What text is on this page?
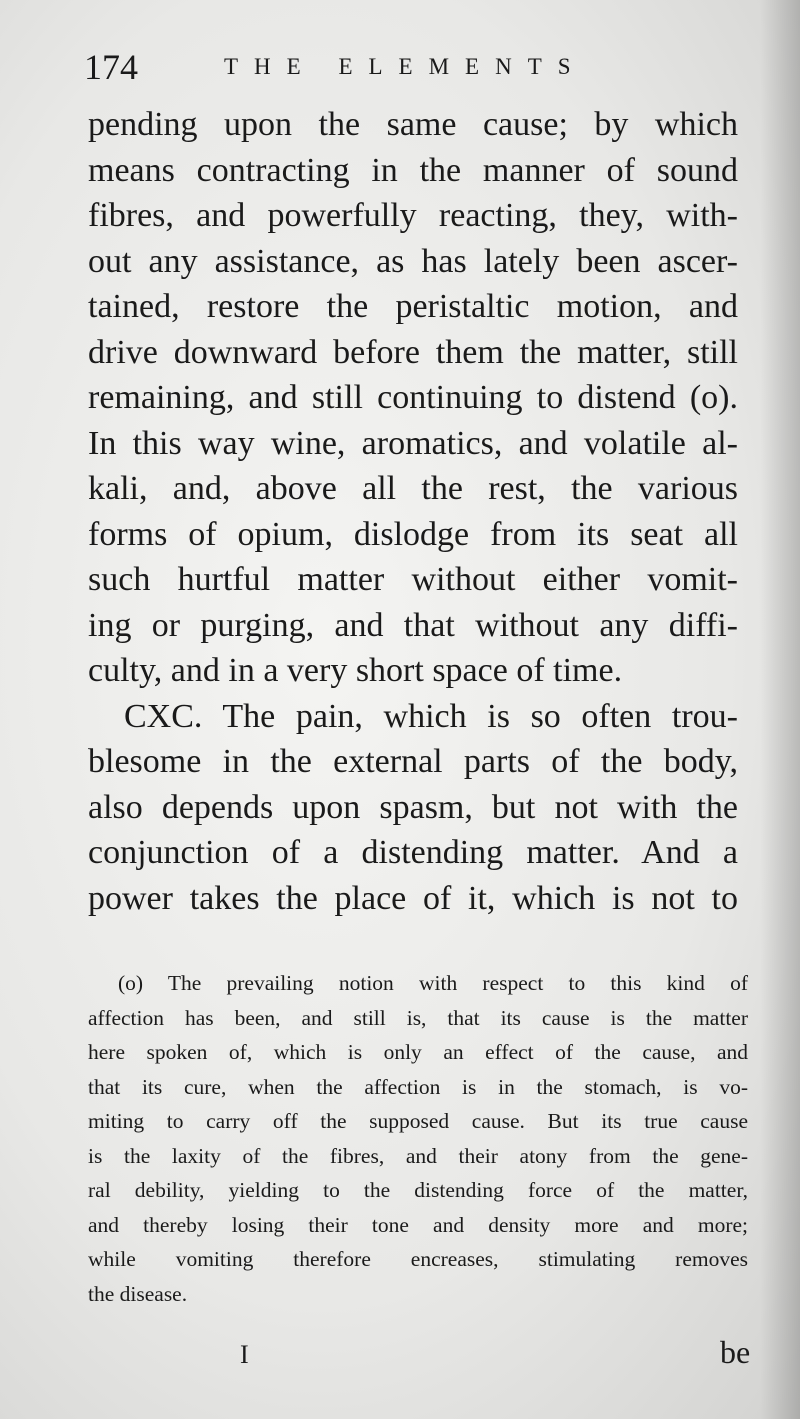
174	THE ELEMENTS
pending upon the same cause; by which
means contracting in the manner of sound
fibres, and powerfully reacting, they, with-
out any assistance, as has lately been ascer-
tained, restore the peristaltic motion, and
drive downward before them the matter, still
remaining, and still continuing to distend (o).
In this way wine, aromatics, and volatile al-
kali, and, above all the rest, the various
forms of opium, dislodge from its seat all
such hurtful matter without either vomit-
ing or purging, and that without any diffi-
culty, and in a very short space of time.
CXC. The pain, which is so often trou-
blesome in the external parts of the body,
also depends upon spasm, but not with the
conjunction of a distending matter. And a
power takes the place of it, which is not to
(o) The prevailing notion with respect to this kind of
affection has been, and still is, that its cause is the matter
here spoken of, which is only an effect of the cause, and
that its cure, when the affection is in the stomach, is vo-
miting to carry off the supposed cause. But its true cause
is the laxity of the fibres, and their atony from the gene-
ral debility, yielding to the distending force of the matter,
and thereby losing their tone and density more and more;
while vomiting therefore encreases, stimulating removes
the disease.
I	be
